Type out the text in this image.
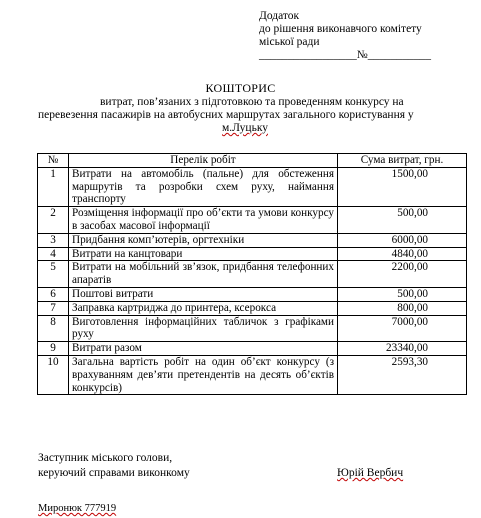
Додаток
до рішення виконавчого комітету
міської ради
_________________№___________
КОШТОРИС
витрат, пов’язаних з підготовкою та проведенням конкурсу на
перевезення пасажирів на автобусних маршрутах загального користування у
м.Луцьку
№	Перелік робіт	Сума витрат, грн.
1	Витрати на автомобіль (пальне) для обстеження маршрутів та розробки схем руху, наймання транспорту	1500,00
2	Розміщення інформації про об’єкти та умови конкурсу в засобах масової інформації	500,00
3	Придбання комп’ютерів, оргтехніки	6000,00
4	Витрати на канцтовари	4840,00
5	Витрати на мобільний зв’язок, придбання телефонних апаратів	2200,00
6	Поштові витрати	500,00
7	Заправка картриджа до принтера, ксерокса	800,00
8	Виготовлення інформаційних табличок з графіками руху	7000,00
9	Витрати разом	23340,00
10	Загальна вартість робіт на один об’єкт конкурсу (з врахуванням дев’яти претендентів на десять об’єктів конкурсів)	2593,30
Заступник міського голови,
керуючий справами виконкому	Юрій Вербич
Миронюк 777919
